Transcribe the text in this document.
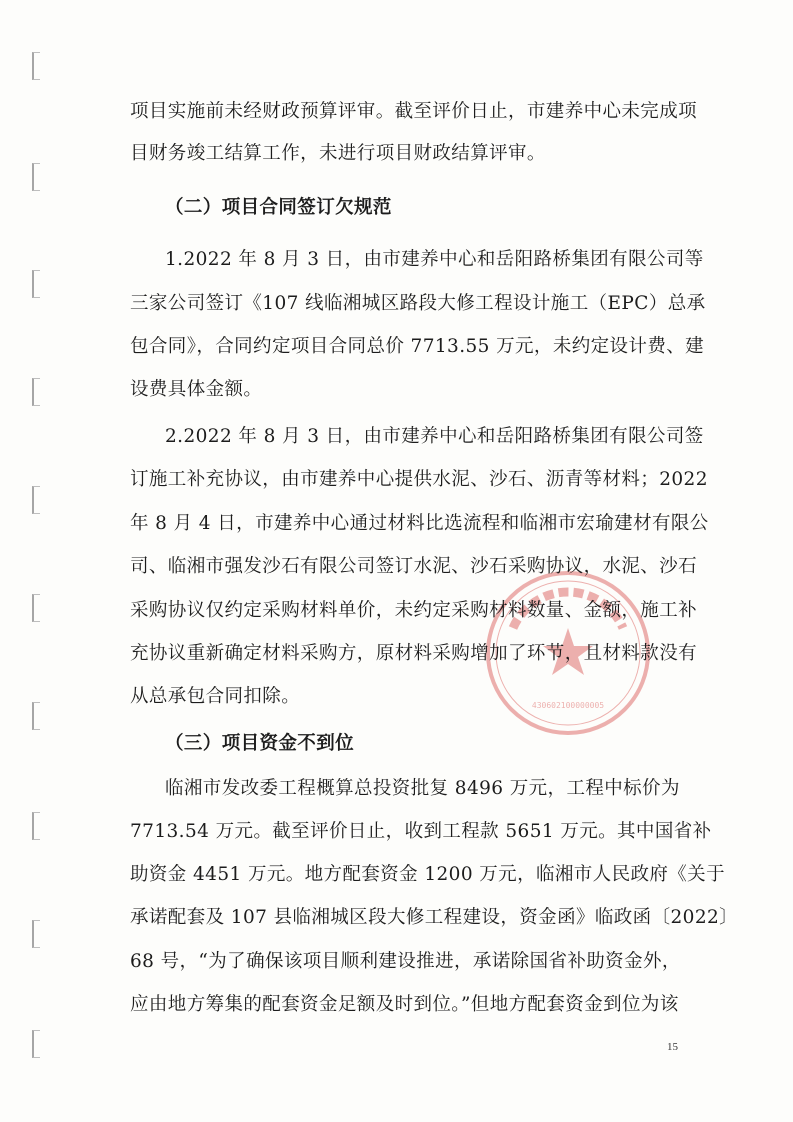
430602100000005
项目实施前未经财政预算评审。截至评价日止，市建养中心未完成项
目财务竣工结算工作，未进行项目财政结算评审。
（二）项目合同签订欠规范
1.2022 年 8 月 3 日，由市建养中心和岳阳路桥集团有限公司等
三家公司签订《107 线临湘城区路段大修工程设计施工（EPC）总承
包合同》，合同约定项目合同总价 7713.55 万元，未约定设计费、建
设费具体金额。
2.2022 年 8 月 3 日，由市建养中心和岳阳路桥集团有限公司签
订施工补充协议，由市建养中心提供水泥、沙石、沥青等材料；2022
年 8 月 4 日，市建养中心通过材料比选流程和临湘市宏瑜建材有限公
司、临湘市强发沙石有限公司签订水泥、沙石采购协议，水泥、沙石
采购协议仅约定采购材料单价，未约定采购材料数量、金额，施工补
充协议重新确定材料采购方，原材料采购增加了环节，且材料款没有
从总承包合同扣除。
（三）项目资金不到位
临湘市发改委工程概算总投资批复 8496 万元，工程中标价为
7713.54 万元。截至评价日止，收到工程款 5651 万元。其中国省补
助资金 4451 万元。地方配套资金 1200 万元，临湘市人民政府《关于
承诺配套及 107 县临湘城区段大修工程建设，资金函》临政函〔2022〕
68 号，“为了确保该项目顺利建设推进，承诺除国省补助资金外，
应由地方筹集的配套资金足额及时到位。”但地方配套资金到位为该
15
